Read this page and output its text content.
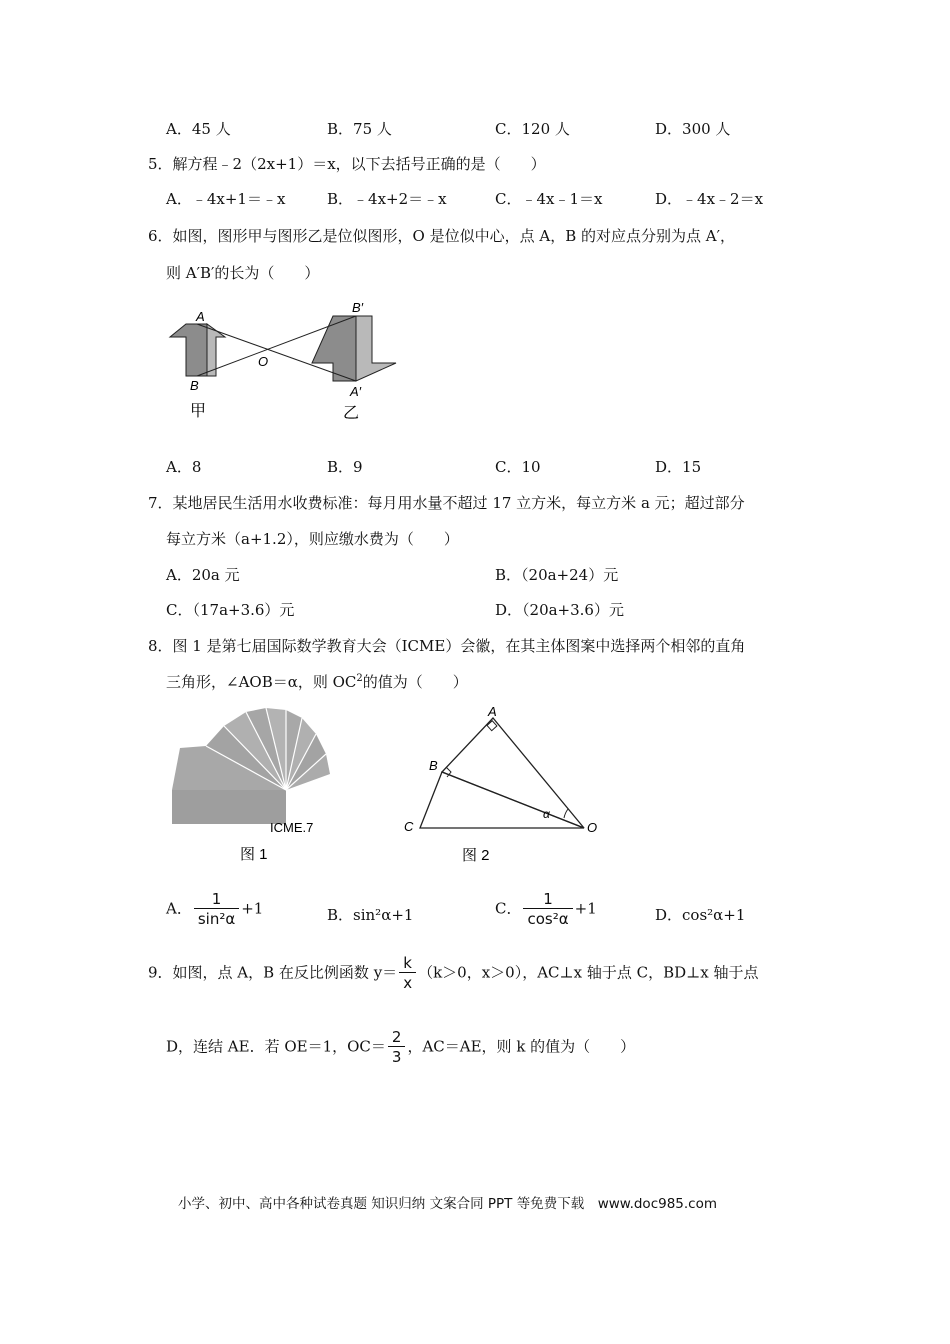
A．45 人	B．75 人	C．120 人	D．300 人
5．解方程﹣2（2x+1）＝x，以下去括号正确的是（　　）
A．﹣4x+1＝﹣x	B．﹣4x+2＝﹣x	C．﹣4x﹣1＝x	D．﹣4x﹣2＝x
6．如图，图形甲与图形乙是位似图形，O 是位似中心，点 A，B 的对应点分别为点 A′，
则 A′B′的长为（　　）
A
B
O
B′
A′
甲	乙
A．8	B．9	C．10	D．15
7．某地居民生活用水收费标准：每月用水量不超过 17 立方米，每立方米 a 元；超过部分
每立方米（a+1.2），则应缴水费为（　　）
A．20a 元	B．（20a+24）元
C．（17a+3.6）元	D．（20a+3.6）元
8．图 1 是第七届国际数学教育大会（ICME）会徽，在其主体图案中选择两个相邻的直角
三角形，∠AOB＝α，则 $OC^2$的值为（　　）
ICME.7
图 1
A
B
C	O
α
图 2
A． $\frac{1}{\text{sin²α}} +1$	B．sin²α+1	C． $\frac{1}{\text{cos²α}} +1$	D．cos²α+1
9．如图，点 A，B 在反比例函数 $y= \frac{k}{x} (k>0$，x＞0），AC⊥x 轴于点 C，BD⊥x 轴于点
D，连结 AE．若 OE＝1，$OC= \frac{2}{3}$ ，AC＝AE，则 k 的值为（　　）
小学、初中、高中各种试卷真题 知识归纳 文案合同 PPT 等免费下载　www.doc985.com
